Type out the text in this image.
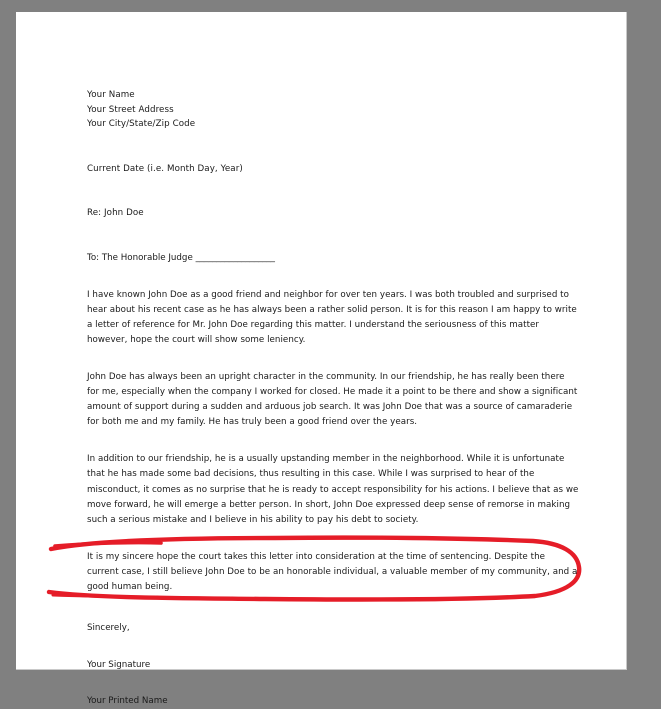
Your Name
Your Street Address
Your City/State/Zip Code
Current Date (i.e. Month Day, Year)
Re: John Doe
To: The Honorable Judge ___________________

I have known John Doe as a good friend and neighbor for over ten years. I was both troubled and surprised to hear about his recent case as he has always been a rather solid person. It is for this reason I am happy to write a letter of reference for Mr. John Doe regarding this matter. I understand the seriousness of this matter however, hope the court will show some leniency.

John Doe has always been an upright character in the community. In our friendship, he has really been there for me, especially when the company I worked for closed. He made it a point to be there and show a significant amount of support during a sudden and arduous job search. It was John Doe that was a source of camaraderie for both me and my family. He has truly been a good friend over the years.

In addition to our friendship, he is a usually upstanding member in the neighborhood. While it is unfortunate that he has made some bad decisions, thus resulting in this case. While I was surprised to hear of the misconduct, it comes as no surprise that he is ready to accept responsibility for his actions. I believe that as we move forward, he will emerge a better person. In short, John Doe expressed deep sense of remorse in making such a serious mistake and I believe in his ability to pay his debt to society.

It is my sincere hope the court takes this letter into consideration at the time of sentencing. Despite the current case, I still believe John Doe to be an honorable individual, a valuable member of my community, and a good human being.

Sincerely,
Your Signature
Your Printed Name
